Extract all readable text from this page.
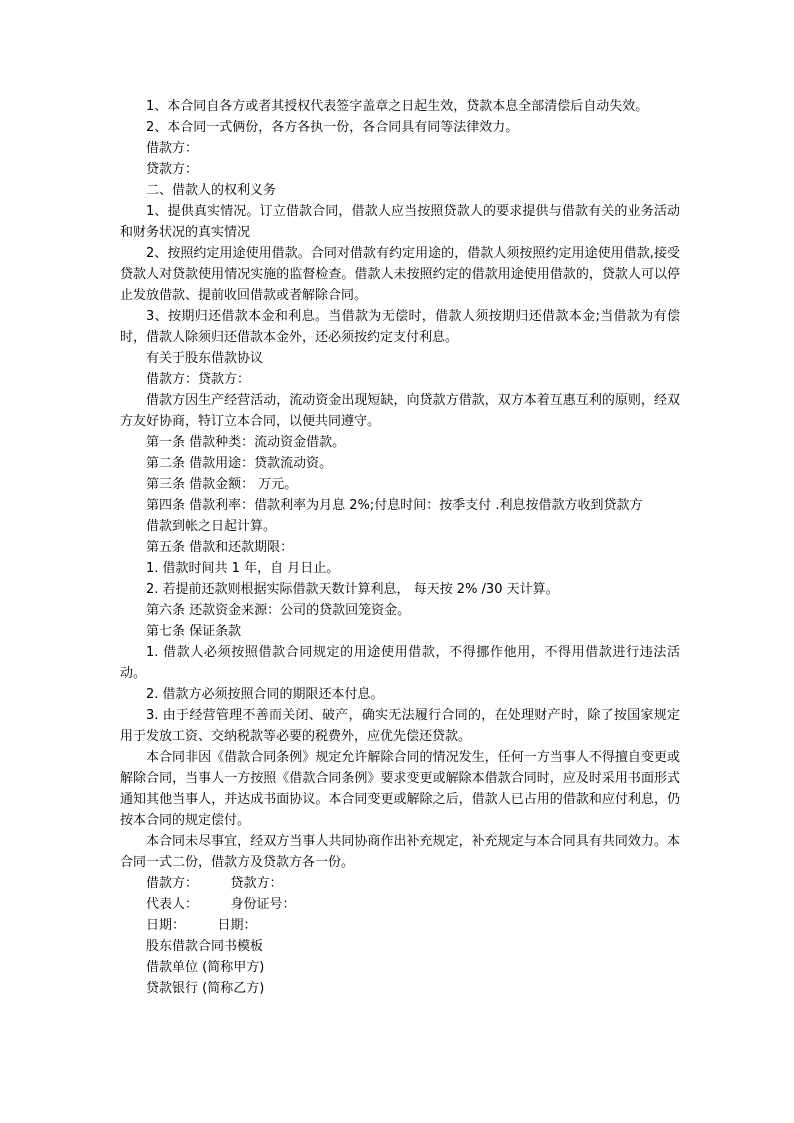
1、本合同自各方或者其授权代表签字盖章之日起生效，贷款本息全部清偿后自动失效。

2、本合同一式俩份，各方各执一份，各合同具有同等法律效力。

借款方：

贷款方：

二、借款人的权利义务

1、提供真实情况。订立借款合同，借款人应当按照贷款人的要求提供与借款有关的业务活动和财务状况的真实情况

2、按照约定用途使用借款。合同对借款有约定用途的，借款人须按照约定用途使用借款,接受贷款人对贷款使用情况实施的监督检查。借款人未按照约定的借款用途使用借款的，贷款人可以停止发放借款、提前收回借款或者解除合同。

3、按期归还借款本金和利息。当借款为无偿时，借款人须按期归还借款本金;当借款为有偿时，借款人除须归还借款本金外，还必须按约定支付利息。

有关于股东借款协议

借款方：贷款方：

借款方因生产经营活动，流动资金出现短缺，向贷款方借款，双方本着互惠互利的原则，经双方友好协商，特订立本合同，以便共同遵守。

第一条 借款种类：流动资金借款。

第二条 借款用途：贷款流动资。

第三条 借款金额： 万元。

第四条 借款利率：借款利率为月息 2%;付息时间：按季支付 .利息按借款方收到贷款方

借款到帐之日起计算。

第五条 借款和还款期限：

1. 借款时间共 1 年，自 月日止。

2. 若提前还款则根据实际借款天数计算利息， 每天按 2% /30 天计算。

第六条 还款资金来源：公司的贷款回笼资金。

第七条 保证条款

1. 借款人必须按照借款合同规定的用途使用借款，不得挪作他用，不得用借款进行违法活动。

2. 借款方必须按照合同的期限还本付息。

3. 由于经营管理不善而关闭、破产，确实无法履行合同的，在处理财产时，除了按国家规定用于发放工资、交纳税款等必要的税费外，应优先偿还贷款。

本合同非因《借款合同条例》规定允许解除合同的情况发生，任何一方当事人不得擅自变更或解除合同，当事人一方按照《借款合同条例》要求变更或解除本借款合同时，应及时采用书面形式通知其他当事人，并达成书面协议。本合同变更或解除之后，借款人已占用的借款和应付利息，仍按本合同的规定偿付。

本合同未尽事宜，经双方当事人共同协商作出补充规定，补充规定与本合同具有共同效力。本合同一式二份，借款方及贷款方各一份。

借款方：　　　贷款方：

代表人：　　　身份证号：

日期：　　　日期：

股东借款合同书模板

借款单位 (简称甲方)

贷款银行 (简称乙方)
